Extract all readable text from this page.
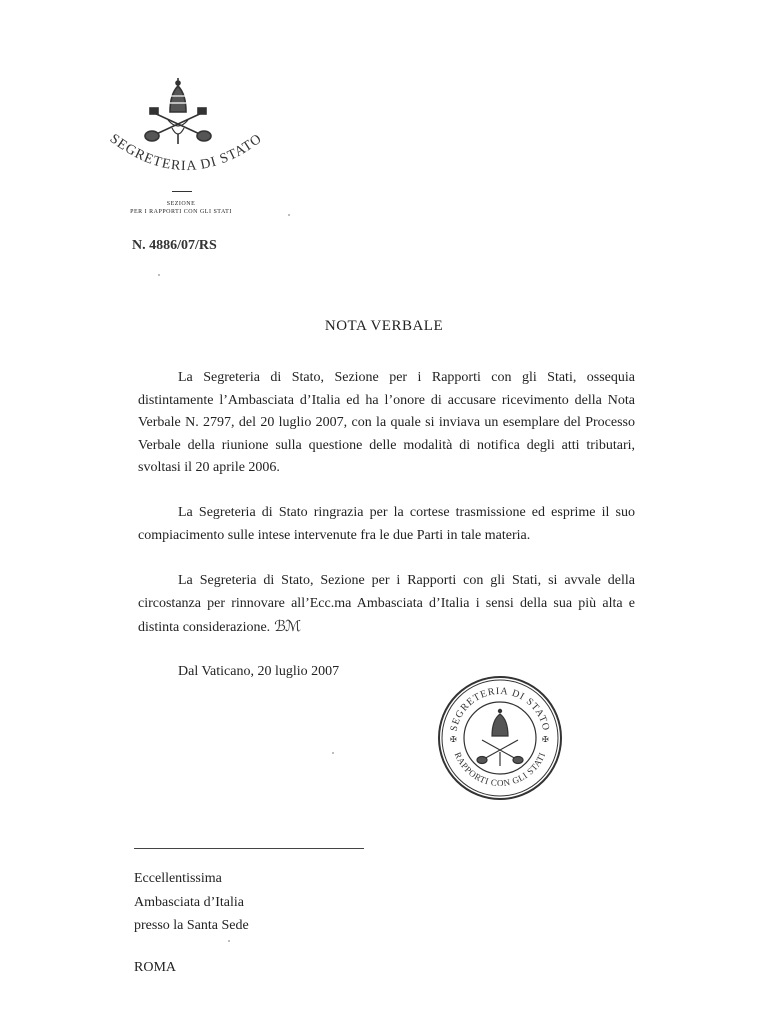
SEGRETERIA DI STATO
SEZIONE
PER I RAPPORTI CON GLI STATI
N. 4886/07/RS
NOTA VERBALE

La Segreteria di Stato, Sezione per i Rapporti con gli Stati, ossequia distintamente l’Ambasciata d’Italia ed ha l’onore di accusare ricevimento della Nota Verbale N. 2797, del 20 luglio 2007, con la quale si inviava un esemplare del Processo Verbale della riunione sulla questione delle modalità di notifica degli atti tributari, svoltasi il 20 aprile 2006.

La Segreteria di Stato ringrazia per la cortese trasmissione ed esprime il suo compiacimento sulle intese intervenute fra le due Parti in tale materia.

La Segreteria di Stato, Sezione per i Rapporti con gli Stati, si avvale della circostanza per rinnovare all’Ecc.ma Ambasciata d’Italia i sensi della sua più alta e distinta considerazione. ℬℳ

Dal Vaticano, 20 luglio 2007
SEGRETERIA DI STATO
RAPPORTI CON GLI STATI
✠	✠
Eccellentissima
Ambasciata d’Italia
presso la Santa Sede
ROMA
